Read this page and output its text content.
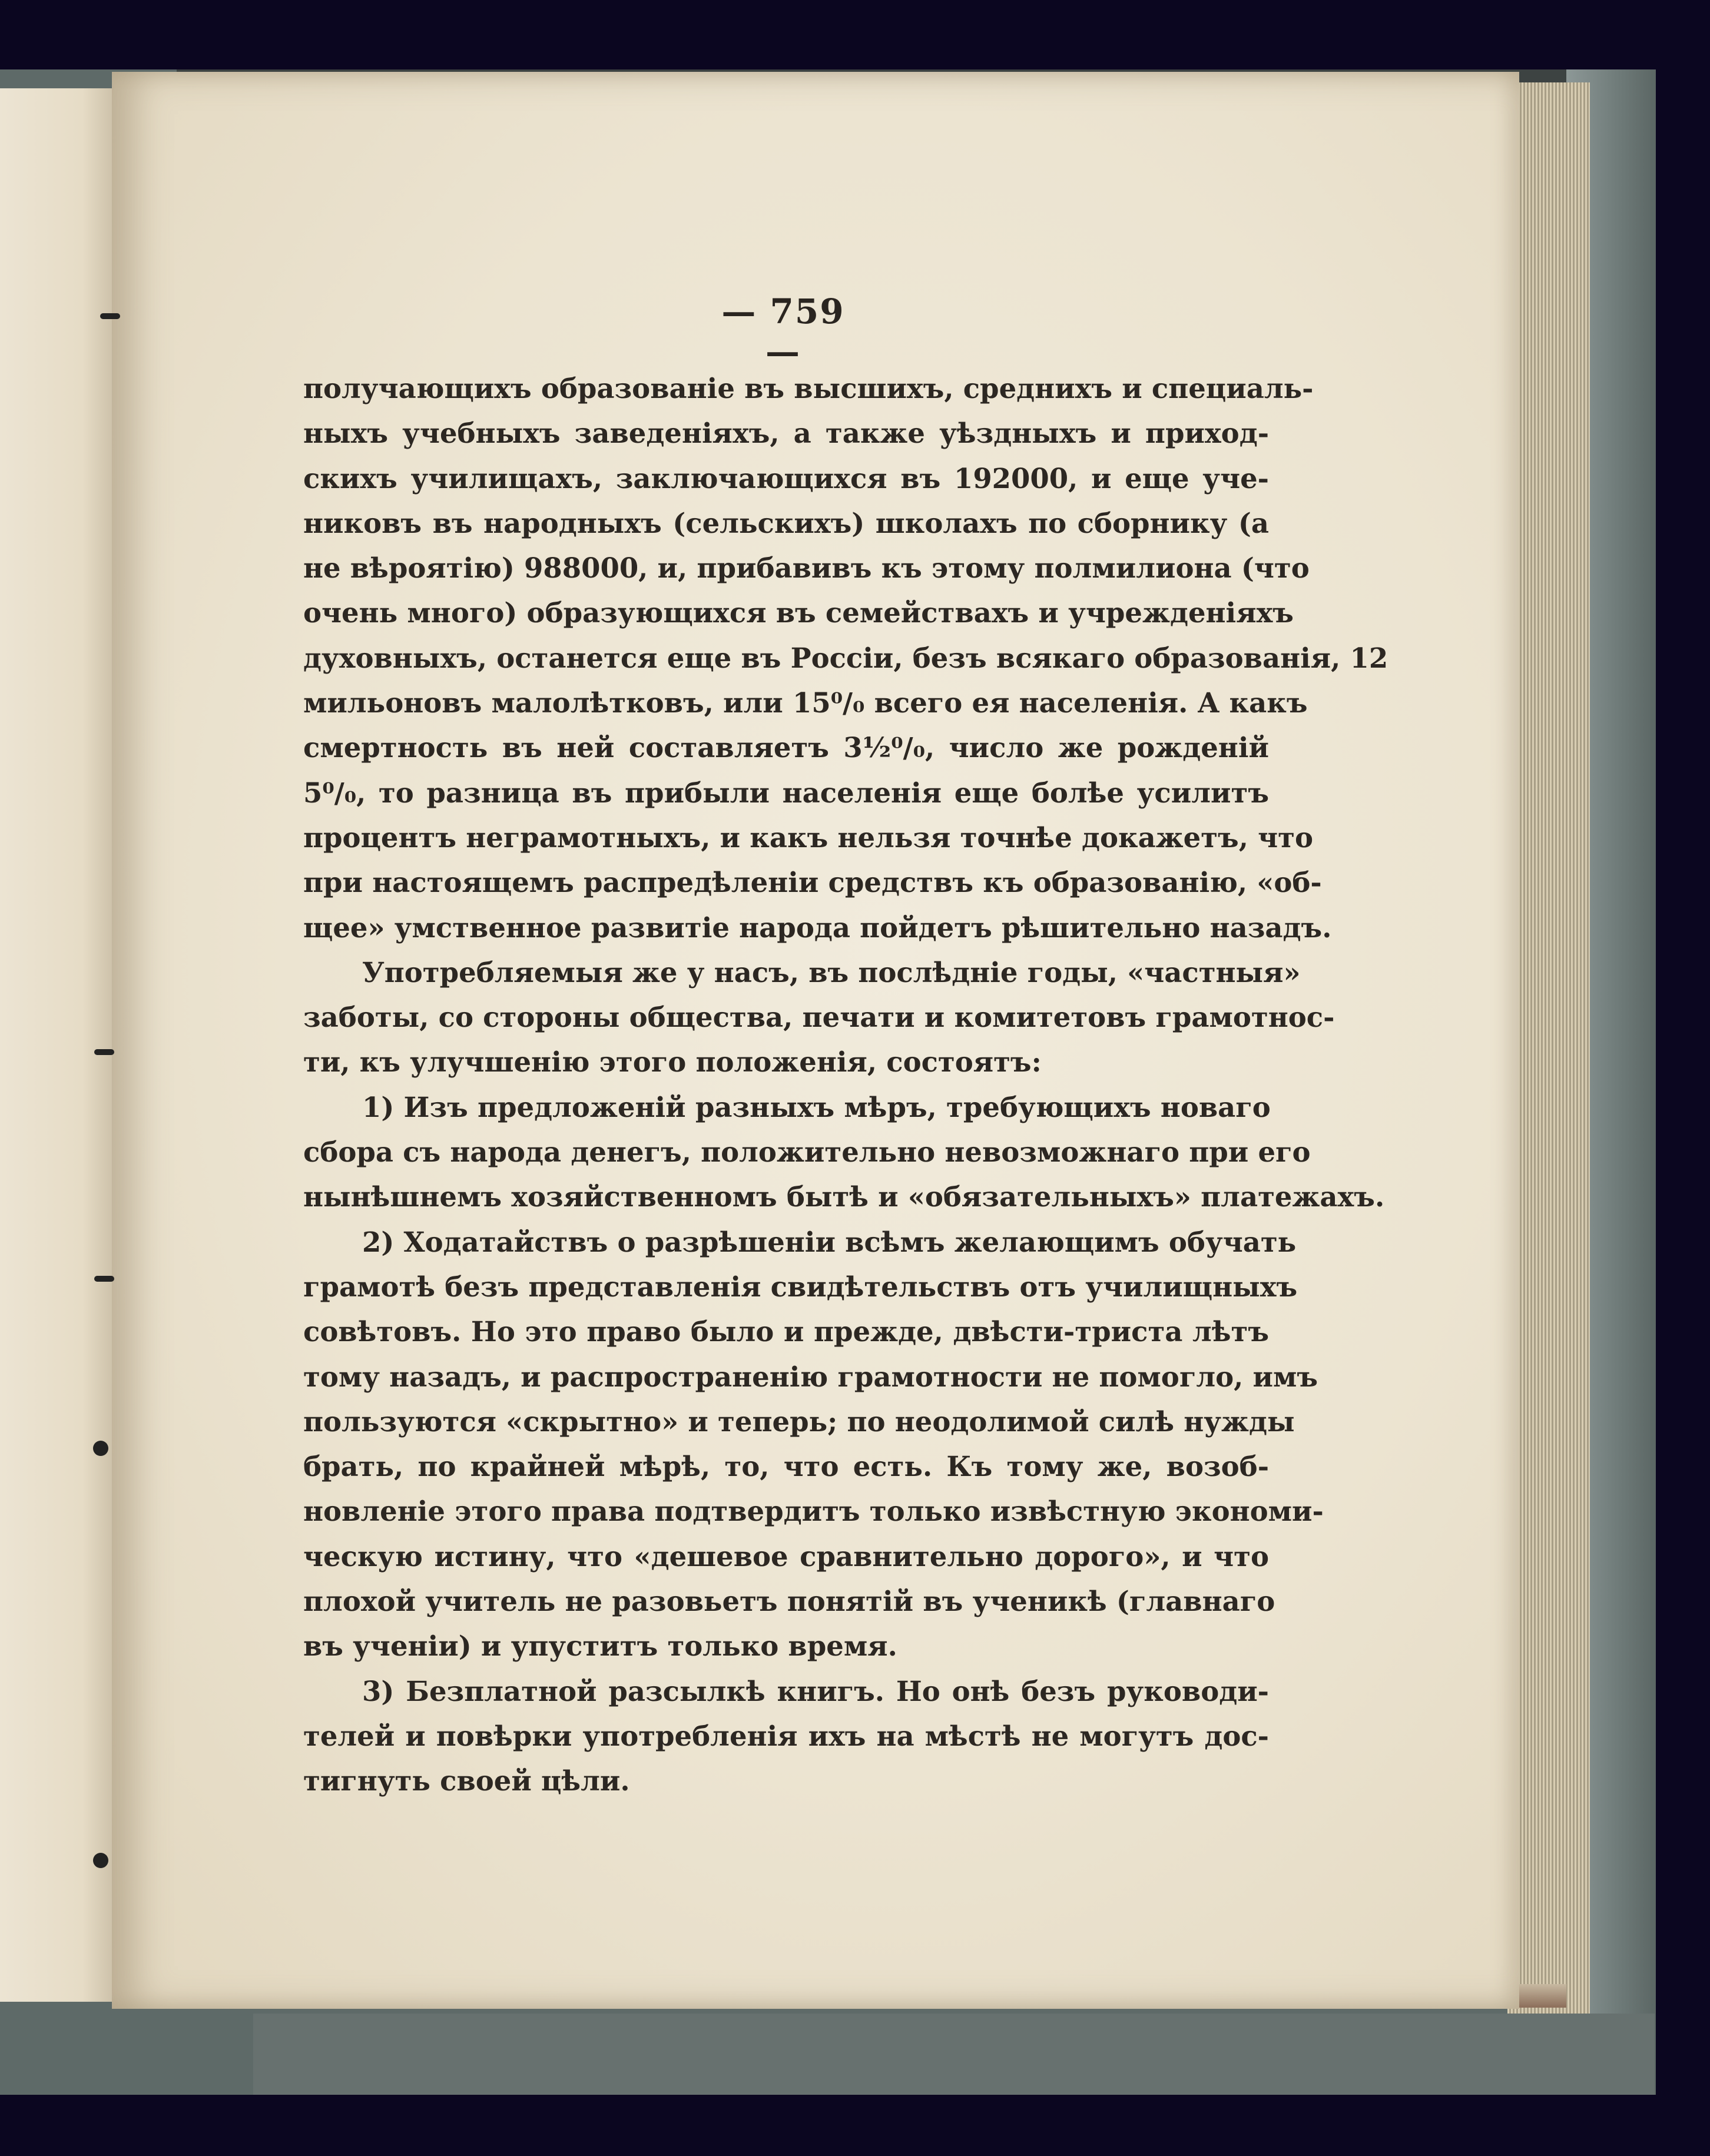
— 759 —
получающихъ образованіе въ высшихъ, среднихъ и специаль-
ныхъ учебныхъ заведеніяхъ, а также уѣздныхъ и приход-
скихъ училищахъ, заключающихся въ 192000, и еще уче-
никовъ въ народныхъ (сельскихъ) школахъ по сборнику (а
не вѣроятію) 988000, и, прибавивъ къ этому полмилиона (что
очень много) образующихся въ семействахъ и учрежденіяхъ
духовныхъ, останется еще въ Россіи, безъ всякаго образованія, 12
мильоновъ малолѣтковъ, или 15⁰/₀ всего ея населенія. А какъ
смертность въ ней составляетъ 3½⁰/₀, число же рожденій
5⁰/₀, то разница въ прибыли населенія еще болѣе усилитъ
процентъ неграмотныхъ, и какъ нельзя точнѣе докажетъ, что
при настоящемъ распредѣленіи средствъ къ образованію, «об-
щее» умственное развитіе народа пойдетъ рѣшительно назадъ.
Употребляемыя же у насъ, въ послѣдніе годы, «частныя»
заботы, со стороны общества, печати и комитетовъ грамотнос-
ти, къ улучшенію этого положенія, состоятъ:
1) Изъ предложеній разныхъ мѣръ, требующихъ новаго
сбора съ народа денегъ, положительно невозможнаго при его
нынѣшнемъ хозяйственномъ бытѣ и «обязательныхъ» платежахъ.
2) Ходатайствъ о разрѣшеніи всѣмъ желающимъ обучать
грамотѣ безъ представленія свидѣтельствъ отъ училищныхъ
совѣтовъ. Но это право было и прежде, двѣсти-триста лѣтъ
тому назадъ, и распространенію грамотности не помогло, имъ
пользуются «скрытно» и теперь; по неодолимой силѣ нужды
брать, по крайней мѣрѣ, то, что есть. Къ тому же, возоб-
новленіе этого права подтвердитъ только извѣстную экономи-
ческую истину, что «дешевое сравнительно дорого», и что
плохой учитель не разовьетъ понятій въ ученикѣ (главнаго
въ ученіи) и упуститъ только время.
3) Безплатной разсылкѣ книгъ. Но онѣ безъ руководи-
телей и повѣрки употребленія ихъ на мѣстѣ не могутъ дос-
тигнуть своей цѣли.
